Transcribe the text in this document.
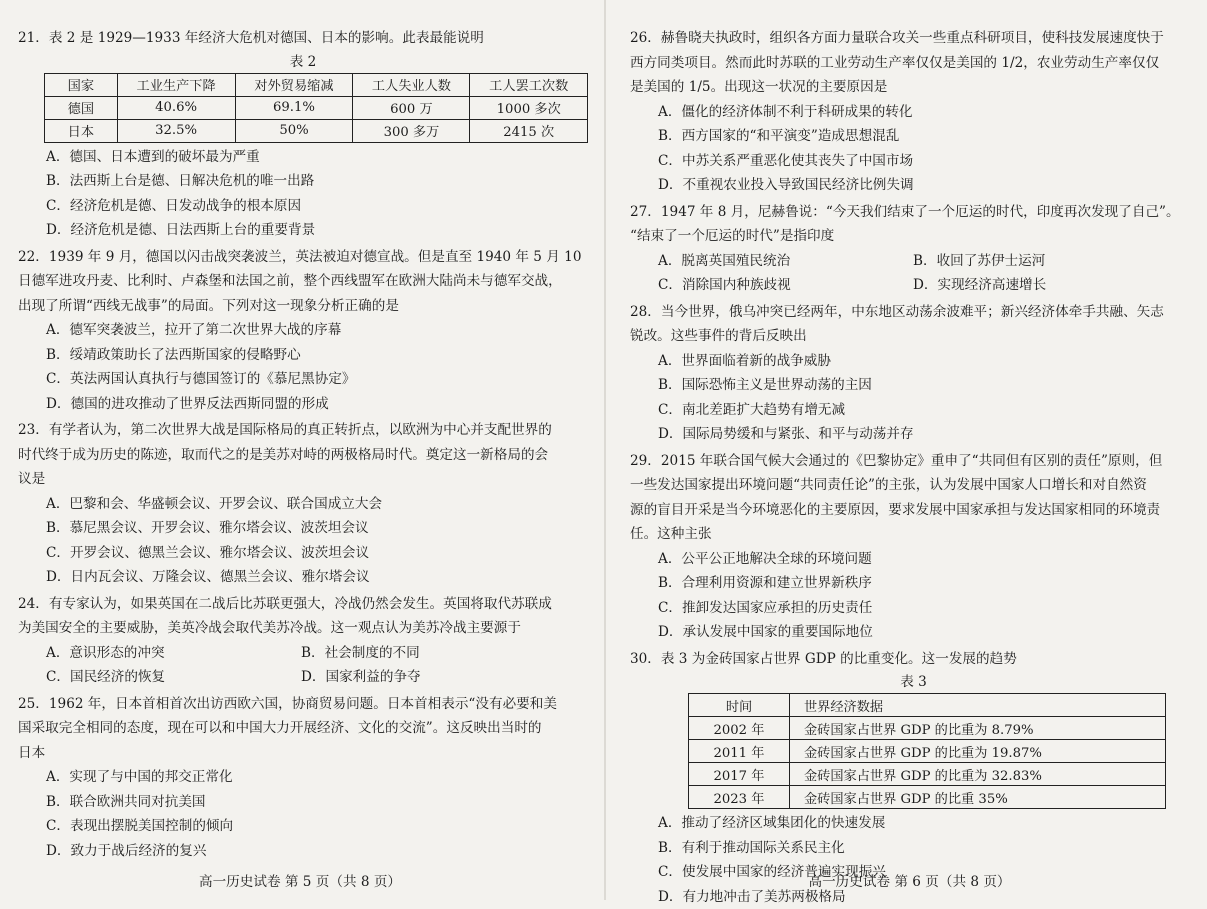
21．表 2 是 1929—1933 年经济大危机对德国、日本的影响。此表最能说明

表 2

国家	工业生产下降	对外贸易缩减	工人失业人数	工人罢工次数
德国	40.6%	69.1%	600 万	1000 多次
日本	32.5%	50%	300 多万	2415 次

A．德国、日本遭到的破坏最为严重

B．法西斯上台是德、日解决危机的唯一出路

C．经济危机是德、日发动战争的根本原因

D．经济危机是德、日法西斯上台的重要背景

22．1939 年 9 月，德国以闪击战突袭波兰，英法被迫对德宣战。但是直至 1940 年 5 月 10

日德军进攻丹麦、比利时、卢森堡和法国之前，整个西线盟军在欧洲大陆尚未与德军交战，

出现了所谓“西线无战事”的局面。下列对这一现象分析正确的是

A．德军突袭波兰，拉开了第二次世界大战的序幕

B．绥靖政策助长了法西斯国家的侵略野心

C．英法两国认真执行与德国签订的《慕尼黑协定》

D．德国的进攻推动了世界反法西斯同盟的形成

23．有学者认为，第二次世界大战是国际格局的真正转折点，以欧洲为中心并支配世界的

时代终于成为历史的陈迹，取而代之的是美苏对峙的两极格局时代。奠定这一新格局的会

议是

A．巴黎和会、华盛顿会议、开罗会议、联合国成立大会

B．慕尼黑会议、开罗会议、雅尔塔会议、波茨坦会议

C．开罗会议、德黑兰会议、雅尔塔会议、波茨坦会议

D．日内瓦会议、万隆会议、德黑兰会议、雅尔塔会议

24．有专家认为，如果英国在二战后比苏联更强大，冷战仍然会发生。英国将取代苏联成

为美国安全的主要威胁，美英冷战会取代美苏冷战。这一观点认为美苏冷战主要源于

A．意识形态的冲突	B．社会制度的不同

C．国民经济的恢复	D．国家利益的争夺

25．1962 年，日本首相首次出访西欧六国，协商贸易问题。日本首相表示“没有必要和美

国采取完全相同的态度，现在可以和中国大力开展经济、文化的交流”。这反映出当时的

日本

A．实现了与中国的邦交正常化

B．联合欧洲共同对抗美国

C．表现出摆脱美国控制的倾向

D．致力于战后经济的复兴

高一历史试卷 第 5 页（共 8 页）

26．赫鲁晓夫执政时，组织各方面力量联合攻关一些重点科研项目，使科技发展速度快于

西方同类项目。然而此时苏联的工业劳动生产率仅仅是美国的 1/2，农业劳动生产率仅仅

是美国的 1/5。出现这一状况的主要原因是

A．僵化的经济体制不利于科研成果的转化

B．西方国家的“和平演变”造成思想混乱

C．中苏关系严重恶化使其丧失了中国市场

D．不重视农业投入导致国民经济比例失调

27．1947 年 8 月，尼赫鲁说：“今天我们结束了一个厄运的时代，印度再次发现了自己”。

“结束了一个厄运的时代”是指印度

A．脱离英国殖民统治	B．收回了苏伊士运河

C．消除国内种族歧视	D．实现经济高速增长

28．当今世界，俄乌冲突已经两年，中东地区动荡余波难平；新兴经济体牵手共融、矢志

锐改。这些事件的背后反映出

A．世界面临着新的战争威胁

B．国际恐怖主义是世界动荡的主因

C．南北差距扩大趋势有增无减

D．国际局势缓和与紧张、和平与动荡并存

29．2015 年联合国气候大会通过的《巴黎协定》重申了“共同但有区别的责任”原则，但

一些发达国家提出环境问题“共同责任论”的主张，认为发展中国家人口增长和对自然资

源的盲目开采是当今环境恶化的主要原因，要求发展中国家承担与发达国家相同的环境责

任。这种主张

A．公平公正地解决全球的环境问题

B．合理利用资源和建立世界新秩序

C．推卸发达国家应承担的历史责任

D．承认发展中国家的重要国际地位

30．表 3 为金砖国家占世界 GDP 的比重变化。这一发展的趋势

表 3

时间	世界经济数据
2002 年	金砖国家占世界 GDP 的比重为 8.79%
2011 年	金砖国家占世界 GDP 的比重为 19.87%
2017 年	金砖国家占世界 GDP 的比重为 32.83%
2023 年	金砖国家占世界 GDP 的比重 35%

A．推动了经济区域集团化的快速发展

B．有利于推动国际关系民主化

C．使发展中国家的经济普遍实现振兴

D．有力地冲击了美苏两极格局

高一历史试卷 第 6 页（共 8 页）
